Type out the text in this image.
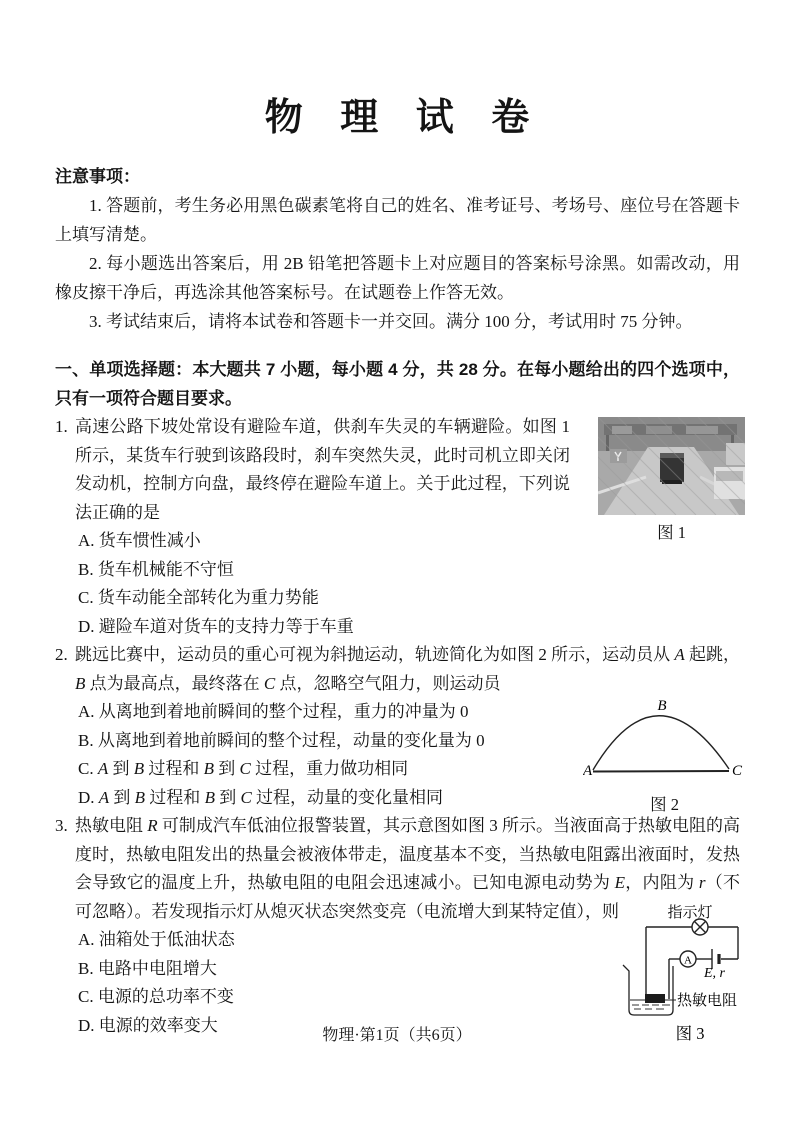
物 理 试 卷
注意事项：

1. 答题前，考生务必用黑色碳素笔将自己的姓名、准考证号、考场号、座位号在答题卡上填写清楚。

2. 每小题选出答案后，用 2B 铅笔把答题卡上对应题目的答案标号涂黑。如需改动，用橡皮擦干净后，再选涂其他答案标号。在试题卷上作答无效。

3. 考试结束后，请将本试卷和答题卡一并交回。满分 100 分，考试用时 75 分钟。

一、单项选择题：本大题共 7 小题，每小题 4 分，共 28 分。在每小题给出的四个选项中，只有一项符合题目要求。
1. 高速公路下坡处常设有避险车道，供刹车失灵的车辆避险。如图 1 所示，某货车行驶到该路段时，刹车突然失灵，此时司机立即关闭发动机，控制方向盘，最终停在避险车道上。关于此过程，下列说法正确的是

A. 货车惯性减小
B. 货车机械能不守恒
C. 货车动能全部转化为重力势能
D. 避险车道对货车的支持力等于车重
图 1
2. 跳远比赛中，运动员的重心可视为斜抛运动，轨迹简化为如图 2 所示，运动员从 A 起跳，B 点为最高点，最终落在 C 点，忽略空气阻力，则运动员

A. 从离地到着地前瞬间的整个过程，重力的冲量为 0
B. 从离地到着地前瞬间的整个过程，动量的变化量为 0
C. A 到 B 过程和 B 到 C 过程，重力做功相同
D. A 到 B 过程和 B 到 C 过程，动量的变化量相同
A
B
C
图 2
3. 热敏电阻 R 可制成汽车低油位报警装置，其示意图如图 3 所示。当液面高于热敏电阻的高度时，热敏电阻发出的热量会被液体带走，温度基本不变，当热敏电阻露出液面时，发热会导致它的温度上升，热敏电阻的电阻会迅速减小。已知电源电动势为 E，内阻为 r（不可忽略）。若发现指示灯从熄灭状态突然变亮（电流增大到某特定值），则

A. 油箱处于低油状态
B. 电路中电阻增大
C. 电源的总功率不变
D. 电源的效率变大
指示灯
A
E, r
热敏电阻
图 3
物理·第1页（共6页）
